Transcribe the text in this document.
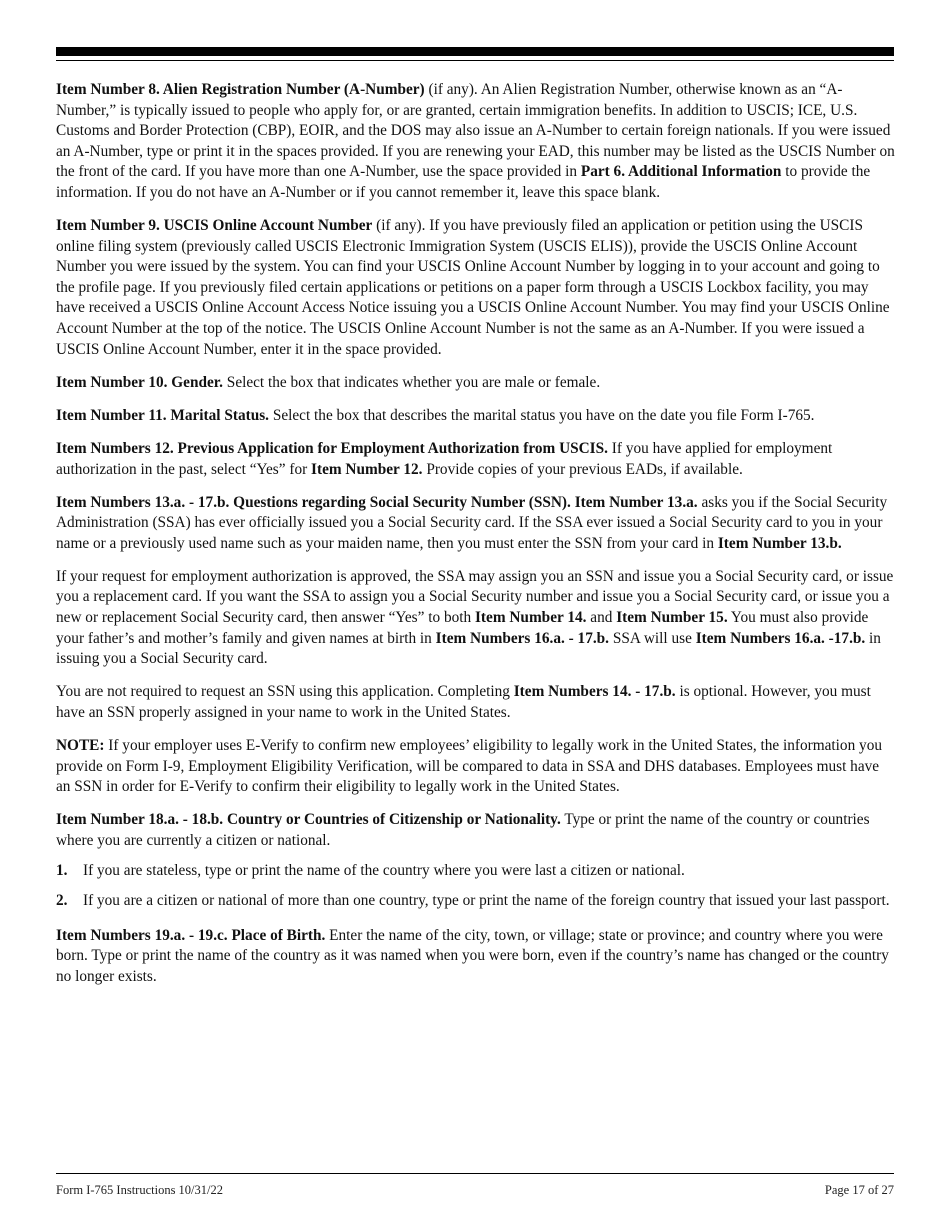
Item Number 8. Alien Registration Number (A-Number) (if any). An Alien Registration Number, otherwise known as an “A-Number,” is typically issued to people who apply for, or are granted, certain immigration benefits. In addition to USCIS; ICE, U.S. Customs and Border Protection (CBP), EOIR, and the DOS may also issue an A-Number to certain foreign nationals. If you were issued an A-Number, type or print it in the spaces provided. If you are renewing your EAD, this number may be listed as the USCIS Number on the front of the card. If you have more than one A-Number, use the space provided in Part 6. Additional Information to provide the information. If you do not have an A-Number or if you cannot remember it, leave this space blank.

Item Number 9. USCIS Online Account Number (if any). If you have previously filed an application or petition using the USCIS online filing system (previously called USCIS Electronic Immigration System (USCIS ELIS)), provide the USCIS Online Account Number you were issued by the system. You can find your USCIS Online Account Number by logging in to your account and going to the profile page. If you previously filed certain applications or petitions on a paper form through a USCIS Lockbox facility, you may have received a USCIS Online Account Access Notice issuing you a USCIS Online Account Number. You may find your USCIS Online Account Number at the top of the notice. The USCIS Online Account Number is not the same as an A-Number. If you were issued a USCIS Online Account Number, enter it in the space provided.

Item Number 10. Gender. Select the box that indicates whether you are male or female.

Item Number 11. Marital Status. Select the box that describes the marital status you have on the date you file Form I-765.

Item Numbers 12. Previous Application for Employment Authorization from USCIS. If you have applied for employment authorization in the past, select “Yes” for Item Number 12. Provide copies of your previous EADs, if available.

Item Numbers 13.a. - 17.b. Questions regarding Social Security Number (SSN). Item Number 13.a. asks you if the Social Security Administration (SSA) has ever officially issued you a Social Security card. If the SSA ever issued a Social Security card to you in your name or a previously used name such as your maiden name, then you must enter the SSN from your card in Item Number 13.b.

If your request for employment authorization is approved, the SSA may assign you an SSN and issue you a Social Security card, or issue you a replacement card. If you want the SSA to assign you a Social Security number and issue you a Social Security card, or issue you a new or replacement Social Security card, then answer “Yes” to both Item Number 14. and Item Number 15. You must also provide your father’s and mother’s family and given names at birth in Item Numbers 16.a. - 17.b. SSA will use Item Numbers 16.a. -17.b. in issuing you a Social Security card.

You are not required to request an SSN using this application. Completing Item Numbers 14. - 17.b. is optional. However, you must have an SSN properly assigned in your name to work in the United States.

NOTE: If your employer uses E-Verify to confirm new employees’ eligibility to legally work in the United States, the information you provide on Form I-9, Employment Eligibility Verification, will be compared to data in SSA and DHS databases. Employees must have an SSN in order for E-Verify to confirm their eligibility to legally work in the United States.

Item Number 18.a. - 18.b. Country or Countries of Citizenship or Nationality. Type or print the name of the country or countries where you are currently a citizen or national.

1. If you are stateless, type or print the name of the country where you were last a citizen or national.
2. If you are a citizen or national of more than one country, type or print the name of the foreign country that issued your last passport.

Item Numbers 19.a. - 19.c. Place of Birth. Enter the name of the city, town, or village; state or province; and country where you were born. Type or print the name of the country as it was named when you were born, even if the country’s name has changed or the country no longer exists.

Form I-765 Instructions 10/31/22	Page 17 of 27
